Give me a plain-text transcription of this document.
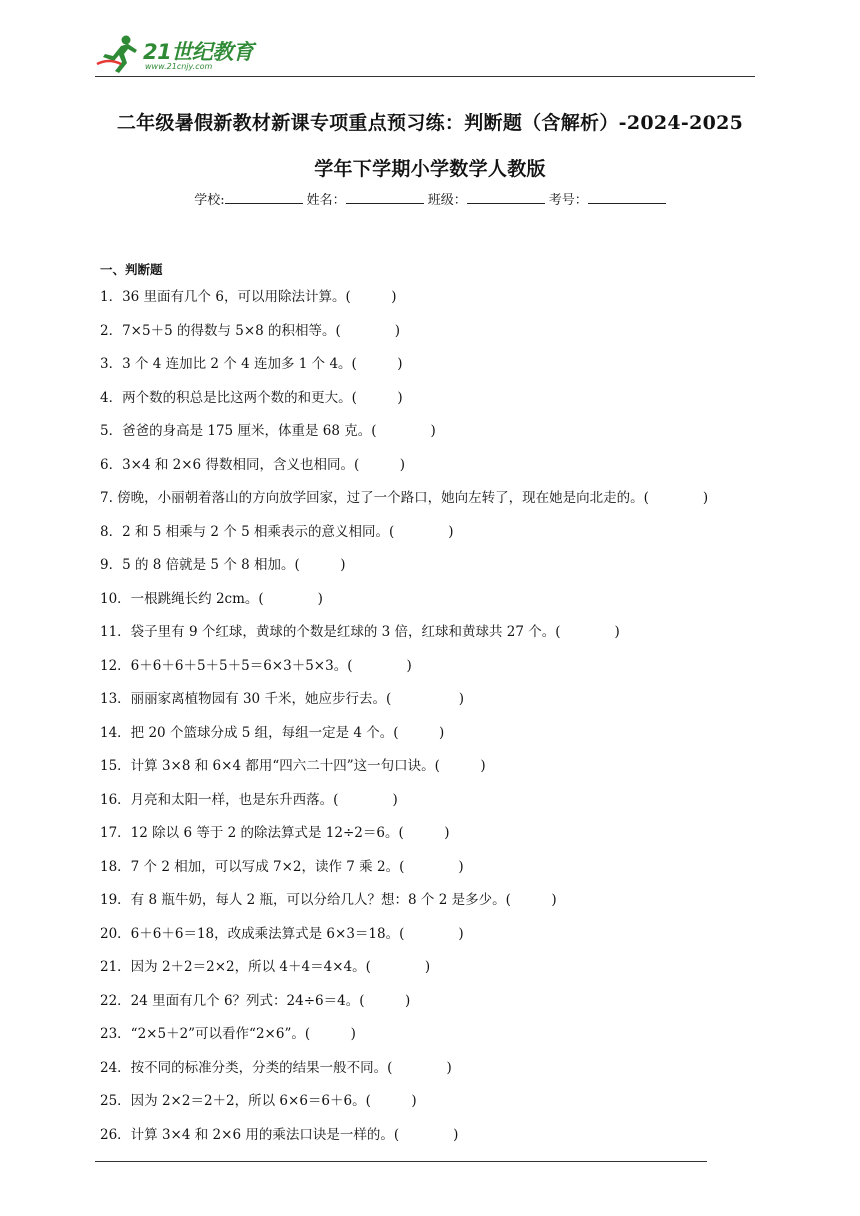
21世纪教育
www.21cnjy.com
二年级暑假新教材新课专项重点预习练：判断题（含解析）-2024-2025
学年下学期小学数学人教版
学校:	姓名：	班级：	考号：
一、判断题
1．36 里面有几个 6，可以用除法计算。(　　　)
2．7×5＋5 的得数与 5×8 的积相等。(　　　　)
3．3 个 4 连加比 2 个 4 连加多 1 个 4。(　　　)
4．两个数的积总是比这两个数的和更大。(　　　)
5．爸爸的身高是 175 厘米，体重是 68 克。(　　　　)
6．3×4 和 2×6 得数相同，含义也相同。(　　　)
7. 傍晚，小丽朝着落山的方向放学回家，过了一个路口，她向左转了，现在她是向北走的。(　　　　)
8．2 和 5 相乘与 2 个 5 相乘表示的意义相同。(　　　　)
9．5 的 8 倍就是 5 个 8 相加。(　　　)
10．一根跳绳长约 2cm。(　　　　)
11．袋子里有 9 个红球，黄球的个数是红球的 3 倍，红球和黄球共 27 个。(　　　　)
12．6＋6＋6＋5＋5＋5＝6×3＋5×3。(　　　　)
13．丽丽家离植物园有 30 千米，她应步行去。(　　　　　)
14．把 20 个篮球分成 5 组，每组一定是 4 个。(　　　)
15．计算 3×8 和 6×4 都用“四六二十四”这一句口诀。(　　　)
16．月亮和太阳一样，也是东升西落。(　　　　)
17．12 除以 6 等于 2 的除法算式是 12÷2＝6。(　　　)
18．7 个 2 相加，可以写成 7×2，读作 7 乘 2。(　　　　)
19．有 8 瓶牛奶，每人 2 瓶，可以分给几人？想：8 个 2 是多少。(　　　)
20．6＋6＋6＝18，改成乘法算式是 6×3＝18。(　　　　)
21．因为 2＋2＝2×2，所以 4＋4＝4×4。(　　　　)
22．24 里面有几个 6？列式：24÷6＝4。(　　　)
23．“2×5＋2”可以看作“2×6”。(　　　)
24．按不同的标准分类，分类的结果一般不同。(　　　　)
25．因为 2×2＝2＋2，所以 6×6＝6＋6。(　　　)
26．计算 3×4 和 2×6 用的乘法口诀是一样的。(　　　　)
